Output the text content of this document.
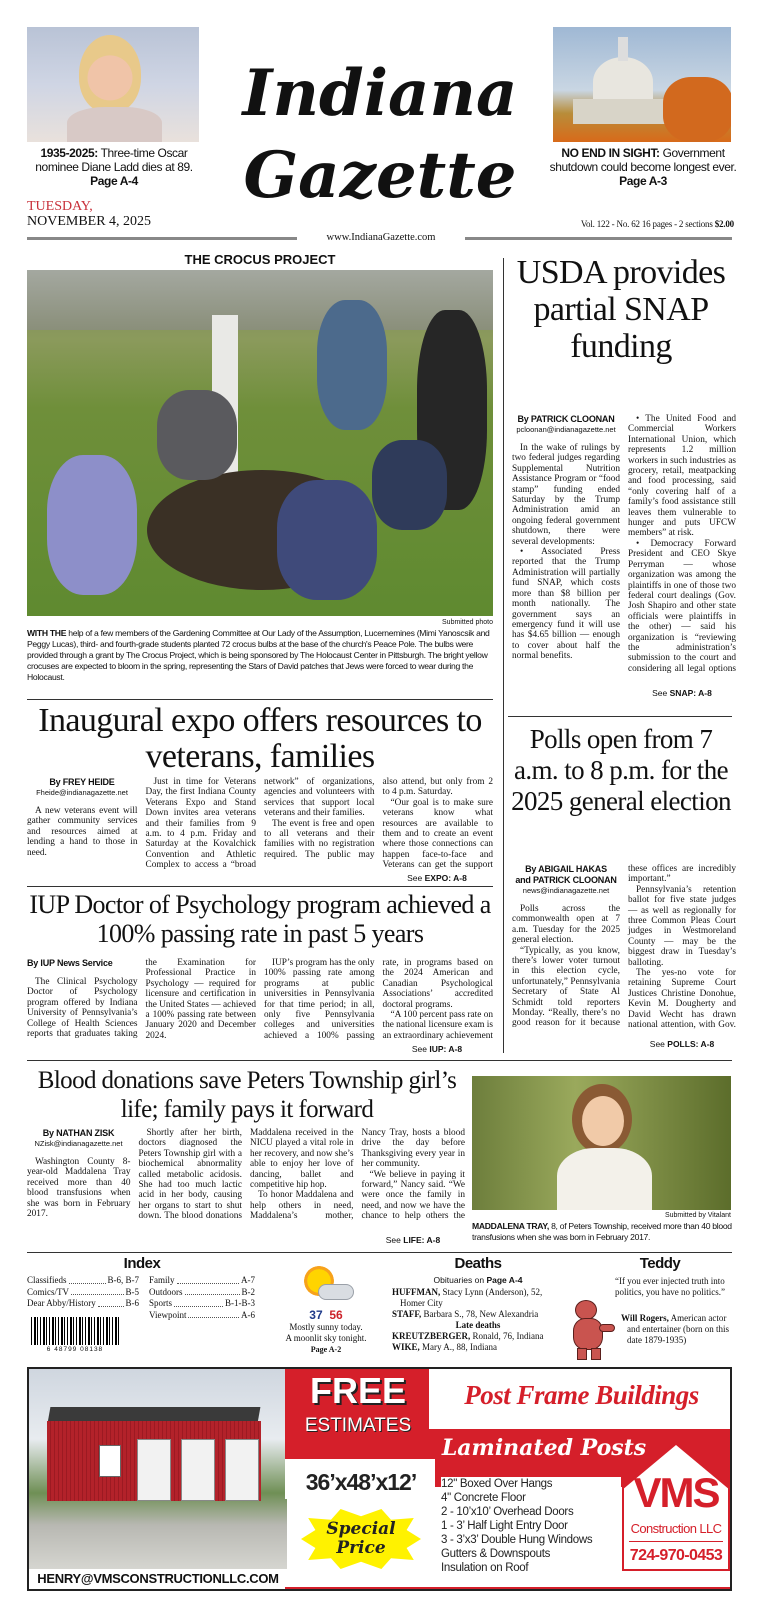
1935-2025: Three-time Oscar nominee Diane Ladd dies at 89.
Page A-4
TUESDAY,
NOVEMBER 4, 2025
Indiana
Gazette	NO END IN SIGHT: Government shutdown could become longest ever. Page A-3
Vol. 122 - No. 62 16 pages - 2 sections $2.00
www.IndianaGazette.com
THE CROCUS PROJECT
Submitted photo
WITH THE help of a few members of the Gardening Committee at Our Lady of the Assumption, Lucernemines (Mimi Yanoscsik and Peggy Lucas), third- and fourth-grade students planted 72 crocus bulbs at the base of the church's Peace Pole. The bulbs were provided through a grant by The Crocus Project, which is being sponsored by The Holocaust Center in Pittsburgh. The bright yellow crocuses are expected to bloom in the spring, representing the Stars of David patches that Jews were forced to wear during the Holocaust.
USDA provides partial SNAP funding
By PATRICK CLOONAN
pcloonan@indianagazette.net

In the wake of rulings by two federal judges regarding Supplemental Nutrition Assistance Program or “food stamp” funding ended Saturday by the Trump Administration amid an ongoing federal government shutdown, there were several developments:

• Associated Press reported that the Trump Administration will partially fund SNAP, which costs more than $8 billion per month nationally. The government says an emergency fund it will use has $4.65 billion — enough to cover about half the normal benefits.

• The United Food and Commercial Workers International Union, which represents 1.2 million workers in such industries as grocery, retail, meatpacking and food processing, said “only covering half of a family’s food assistance still leaves them vulnerable to hunger and puts UFCW members” at risk.

• Democracy Forward President and CEO Skye Perryman — whose organization was among the plaintiffs in one of those two federal court dealings (Gov. Josh Shapiro and other state officials were plaintiffs in the other) — said his organization is “reviewing the administration’s submission to the court and considering all legal options

See SNAP: A-8
Inaugural expo offers resources to veterans, families
By FREY HEIDE
Fheide@indianagazette.net

A new veterans event will gather community services and resources aimed at lending a hand to those in need.

Just in time for Veterans Day, the first Indiana County Veterans Expo and Stand Down invites area veterans and their families from 9 a.m. to 4 p.m. Friday and Saturday at the Kovalchick Convention and Athletic Complex to access a “broad network” of organizations, agencies and volunteers with services that support local veterans and their families.

The event is free and open to all veterans and their families with no registration required. The public may also attend, but only from 2 to 4 p.m. Saturday.

“Our goal is to make sure veterans know what resources are available to them and to create an event where those connections can happen face-to-face and Veterans can get the support

See EXPO: A-8
IUP Doctor of Psychology program achieved a 100% passing rate in past 5 years
By IUP News Service

The Clinical Psychology Doctor of Psychology program offered by Indiana University of Pennsylvania’s College of Health Sciences reports that graduates taking the Examination for Professional Practice in Psychology — required for licensure and certification in the United States — achieved a 100% passing rate between January 2020 and December 2024.

IUP’s program has the only 100% passing rate among programs at public universities in Pennsylvania for that time period; in all, only five Pennsylvania colleges and universities achieved a 100% passing rate, in programs based on the 2024 American and Canadian Psychological Associations’ accredited doctoral programs.

“A 100 percent pass rate on the national licensure exam is an extraordinary achievement

See IUP: A-8
Polls open from 7 a.m. to 8 p.m. for the 2025 general election
By ABIGAIL HAKAS
and PATRICK CLOONAN
news@indianagazette.net

Polls across the commonwealth open at 7 a.m. Tuesday for the 2025 general election.

“Typically, as you know, there’s lower voter turnout in this election cycle, unfortunately,” Pennsylvania Secretary of State Al Schmidt told reporters Monday. “Really, there’s no good reason for it because these offices are incredibly important.”

Pennsylvania’s retention ballot for five state judges — as well as regionally for three Common Pleas Court judges in Westmoreland County — may be the biggest draw in Tuesday’s balloting.

The yes-no vote for retaining Supreme Court Justices Christine Donohue, Kevin M. Dougherty and David Wecht has drawn national attention, with Gov.

See POLLS: A-8
Blood donations save Peters Township girl’s life; family pays it forward
By NATHAN ZISK
NZisk@indianagazette.net

Washington County 8-year-old Maddalena Tray received more than 40 blood transfusions when she was born in February 2017.

Shortly after her birth, doctors diagnosed the Peters Township girl with a biochemical abnormality called metabolic acidosis. She had too much lactic acid in her body, causing her organs to start to shut down. The blood donations Maddalena received in the NICU played a vital role in her recovery, and now she’s able to enjoy her love of dancing, ballet and competitive hip hop.

To honor Maddalena and help others in need, Maddalena’s mother, Nancy Tray, hosts a blood drive the day before Thanksgiving every year in her community.

“We believe in paying it forward,” Nancy said. “We were once the family in need, and now we have the chance to help others the

See LIFE: A-8
Submitted by Vitalant
MADDALENA TRAY, 8, of Peters Township, received more than 40 blood transfusions when she was born in February 2017.
Index
Classifieds	B-6, B-7
Comics/TV	B-5
Dear Abby/History	B-6
Family	A-7
Outdoors	B-2
Sports	B-1-B-3
Viewpoint	A-6
6 48799 08138
37 56
Mostly sunny today.
A moonlit sky tonight.
Page A-2
Deaths
Obituaries on Page A-4
HUFFMAN, Stacy Lynn (Anderson), 52, Homer City
STAFF, Barbara S., 78, New Alexandria
Late deaths
KREUTZBERGER, Ronald, 76, Indiana
WIKE, Mary A., 88, Indiana
Teddy
“If you ever injected truth into politics, you have no politics.”
Will Rogers, American actor and entertainer (born on this date 1879-1935)
HENRY@VMSCONSTRUCTIONLLC.COM
FREE
ESTIMATES
Post Frame Buildings
Laminated Posts
36’x48’x12’
Special
Price
12" Boxed Over Hangs
4" Concrete Floor
2 - 10’x10’ Overhead Doors
1 - 3’ Half Light Entry Door
3 - 3’x3’ Double Hung Windows
Gutters & Downspouts
Insulation on Roof
VMS
Construction LLC
724-970-0453
